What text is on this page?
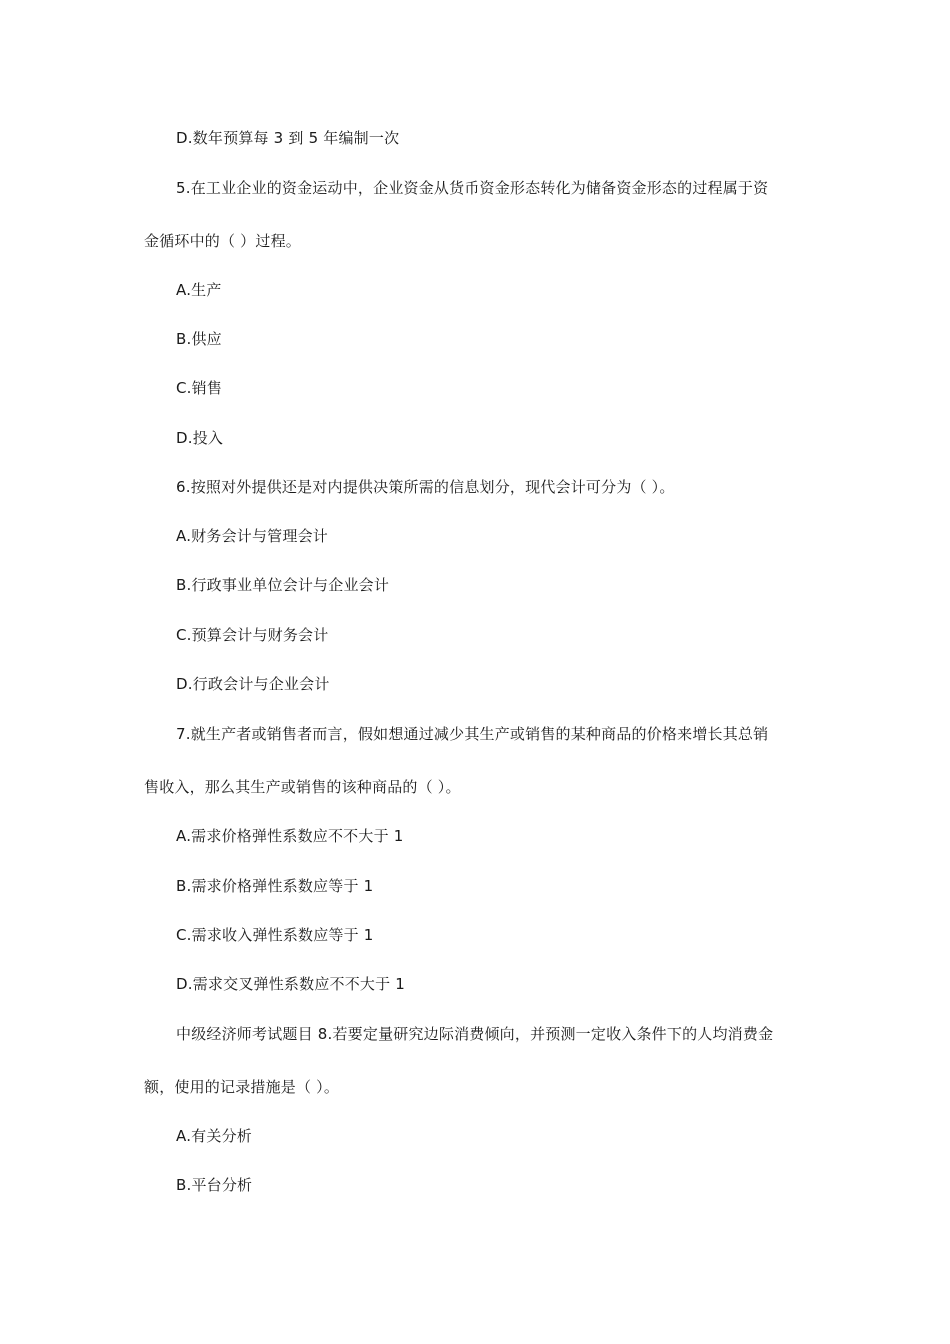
D.数年预算每 3 到 5 年编制一次
5.在工业企业的资金运动中，企业资金从货币资金形态转化为储备资金形态的过程属于资
金循环中的（ ）过程。
A.生产
B.供应
C.销售
D.投入
6.按照对外提供还是对内提供决策所需的信息划分，现代会计可分为（ ）。
A.财务会计与管理会计
B.行政事业单位会计与企业会计
C.预算会计与财务会计
D.行政会计与企业会计
7.就生产者或销售者而言，假如想通过减少其生产或销售的某种商品的价格来增长其总销
售收入，那么其生产或销售的该种商品的（ ）。
A.需求价格弹性系数应不不大于 1
B.需求价格弹性系数应等于 1
C.需求收入弹性系数应等于 1
D.需求交叉弹性系数应不不大于 1
中级经济师考试题目 8.若要定量研究边际消费倾向，并预测一定收入条件下的人均消费金
额，使用的记录措施是（ ）。
A.有关分析
B.平台分析
